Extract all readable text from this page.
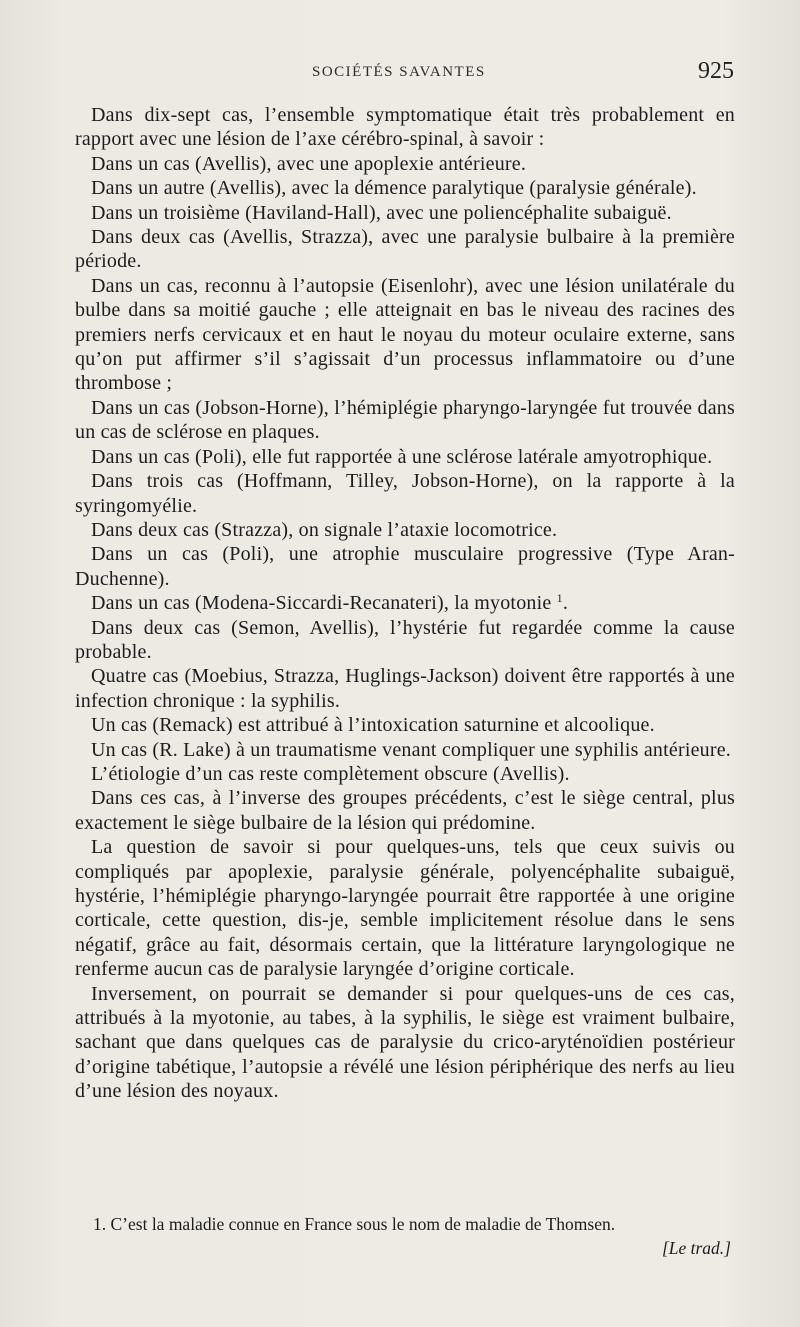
SOCIÉTÉS SAVANTES	925

Dans dix-sept cas, l’ensemble symptomatique était très probablement en rapport avec une lésion de l’axe cérébro-spinal, à savoir :

Dans un cas (Avellis), avec une apoplexie antérieure.

Dans un autre (Avellis), avec la démence paralytique (paralysie générale).

Dans un troisième (Haviland-Hall), avec une poliencéphalite subaiguë.

Dans deux cas (Avellis, Strazza), avec une paralysie bulbaire à la première période.

Dans un cas, reconnu à l’autopsie (Eisenlohr), avec une lésion unilatérale du bulbe dans sa moitié gauche ; elle atteignait en bas le niveau des racines des premiers nerfs cervicaux et en haut le noyau du moteur oculaire externe, sans qu’on put affirmer s’il s’agissait d’un processus inflammatoire ou d’une thrombose ;

Dans un cas (Jobson-Horne), l’hémiplégie pharyngo-laryngée fut trouvée dans un cas de sclérose en plaques.

Dans un cas (Poli), elle fut rapportée à une sclérose latérale amyotrophique.

Dans trois cas (Hoffmann, Tilley, Jobson-Horne), on la rapporte à la syringomyélie.

Dans deux cas (Strazza), on signale l’ataxie locomotrice.

Dans un cas (Poli), une atrophie musculaire progressive (Type Aran-Duchenne).

Dans un cas (Modena-Siccardi-Recanateri), la myotonie $^1$.

Dans deux cas (Semon, Avellis), l’hystérie fut regardée comme la cause probable.

Quatre cas (Moebius, Strazza, Huglings-Jackson) doivent être rapportés à une infection chronique : la syphilis.

Un cas (Remack) est attribué à l’intoxication saturnine et alcoolique.

Un cas (R. Lake) à un traumatisme venant compliquer une syphilis antérieure.

L’étiologie d’un cas reste complètement obscure (Avellis).

Dans ces cas, à l’inverse des groupes précédents, c’est le siège central, plus exactement le siège bulbaire de la lésion qui prédomine.

La question de savoir si pour quelques-uns, tels que ceux suivis ou compliqués par apoplexie, paralysie générale, polyencéphalite subaiguë, hystérie, l’hémiplégie pharyngo-laryngée pourrait être rapportée à une origine corticale, cette question, dis-je, semble implicitement résolue dans le sens négatif, grâce au fait, désormais certain, que la littérature laryngologique ne renferme aucun cas de paralysie laryngée d’origine corticale.

Inversement, on pourrait se demander si pour quelques-uns de ces cas, attribués à la myotonie, au tabes, à la syphilis, le siège est vraiment bulbaire, sachant que dans quelques cas de paralysie du crico-aryténoïdien postérieur d’origine tabétique, l’autopsie a révélé une lésion périphérique des nerfs au lieu d’une lésion des noyaux.

1. C’est la maladie connue en France sous le nom de maladie de Thomsen.
[Le trad.]
